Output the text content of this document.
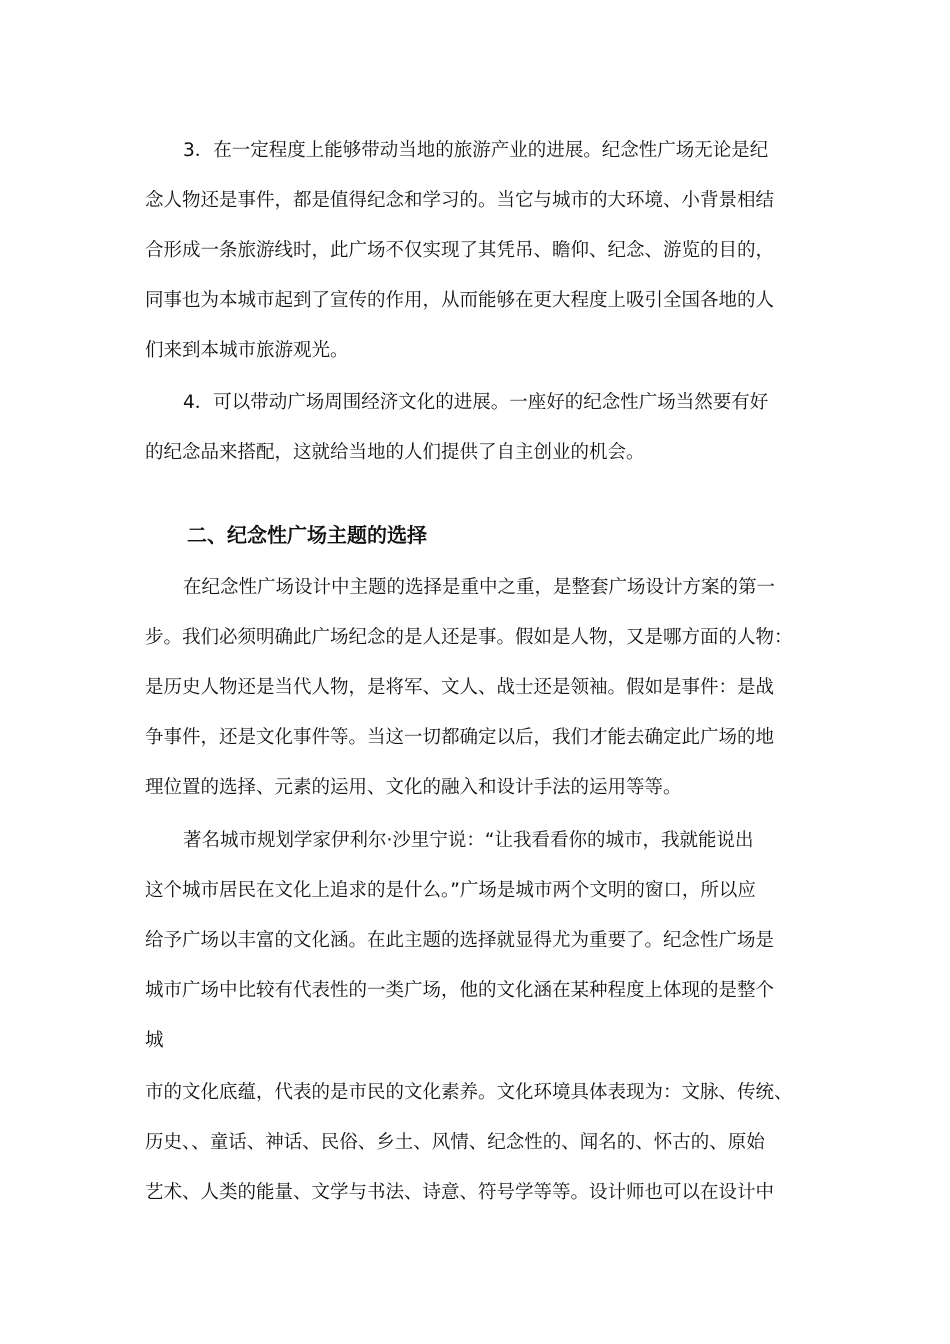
3．在一定程度上能够带动当地的旅游产业的进展。纪念性广场无论是纪
念人物还是事件，都是值得纪念和学习的。当它与城市的大环境、小背景相结
合形成一条旅游线时，此广场不仅实现了其凭吊、瞻仰、纪念、游览的目的，
同事也为本城市起到了宣传的作用，从而能够在更大程度上吸引全国各地的人
们来到本城市旅游观光。
4．可以带动广场周围经济文化的进展。一座好的纪念性广场当然要有好
的纪念品来搭配，这就给当地的人们提供了自主创业的机会。
二、纪念性广场主题的选择
在纪念性广场设计中主题的选择是重中之重，是整套广场设计方案的第一
步。我们必须明确此广场纪念的是人还是事。假如是人物，又是哪方面的人物：
是历史人物还是当代人物，是将军、文人、战士还是领袖。假如是事件：是战
争事件，还是文化事件等。当这一切都确定以后，我们才能去确定此广场的地
理位置的选择、元素的运用、文化的融入和设计手法的运用等等。
著名城市规划学家伊利尔·沙里宁说：“让我看看你的城市，我就能说出
这个城市居民在文化上追求的是什么。”广场是城市两个文明的窗口，所以应
给予广场以丰富的文化涵。在此主题的选择就显得尤为重要了。纪念性广场是
城市广场中比较有代表性的一类广场，他的文化涵在某种程度上体现的是整个
城
市的文化底蕴，代表的是市民的文化素养。文化环境具体表现为：文脉、传统、
历史、、童话、神话、民俗、乡土、风情、纪念性的、闻名的、怀古的、原始
艺术、人类的能量、文学与书法、诗意、符号学等等。设计师也可以在设计中
